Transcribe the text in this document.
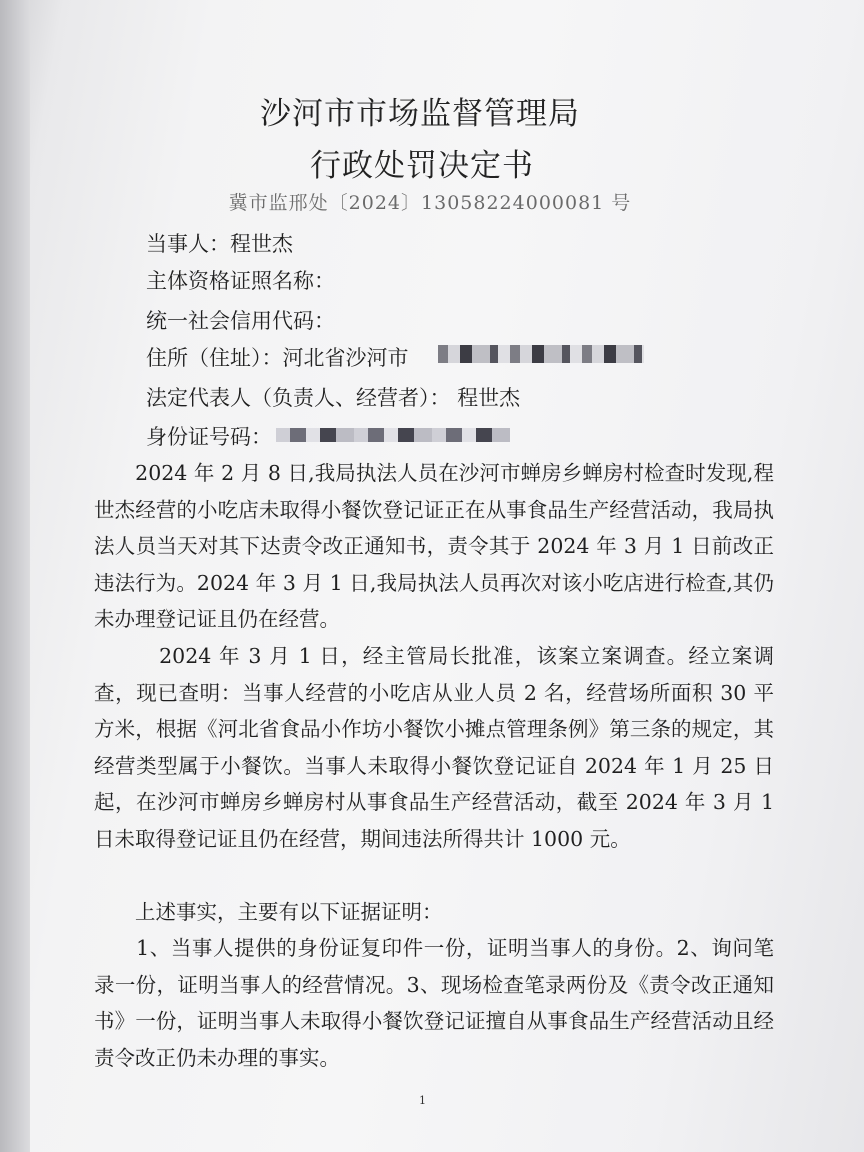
沙河市市场监督管理局
行政处罚决定书
冀市监邢处〔2024〕13058224000081 号
当事人：程世杰
主体资格证照名称：
统一社会信用代码：
住所（住址）：河北省沙河市
法定代表人（负责人、经营者）： 程世杰
身份证号码：

　　2024 年 2 月 8 日,我局执法人员在沙河市蝉房乡蝉房村检查时发现,程世杰经营的小吃店未取得小餐饮登记证正在从事食品生产经营活动，我局执法人员当天对其下达责令改正通知书，责令其于 2024 年 3 月 1 日前改正违法行为。2024 年 3 月 1 日,我局执法人员再次对该小吃店进行检查,其仍未办理登记证且仍在经营。

　　　2024 年 3 月 1 日，经主管局长批准，该案立案调查。经立案调查，现已查明：当事人经营的小吃店从业人员 2 名，经营场所面积 30 平方米，根据《河北省食品小作坊小餐饮小摊点管理条例》第三条的规定，其经营类型属于小餐饮。当事人未取得小餐饮登记证自 2024 年 1 月 25 日起，在沙河市蝉房乡蝉房村从事食品生产经营活动，截至 2024 年 3 月 1 日未取得登记证且仍在经营，期间违法所得共计 1000 元。

　　上述事实，主要有以下证据证明：

　　1、当事人提供的身份证复印件一份，证明当事人的身份。2、询问笔录一份，证明当事人的经营情况。3、现场检查笔录两份及《责令改正通知书》一份，证明当事人未取得小餐饮登记证擅自从事食品生产经营活动且经责令改正仍未办理的事实。

1
